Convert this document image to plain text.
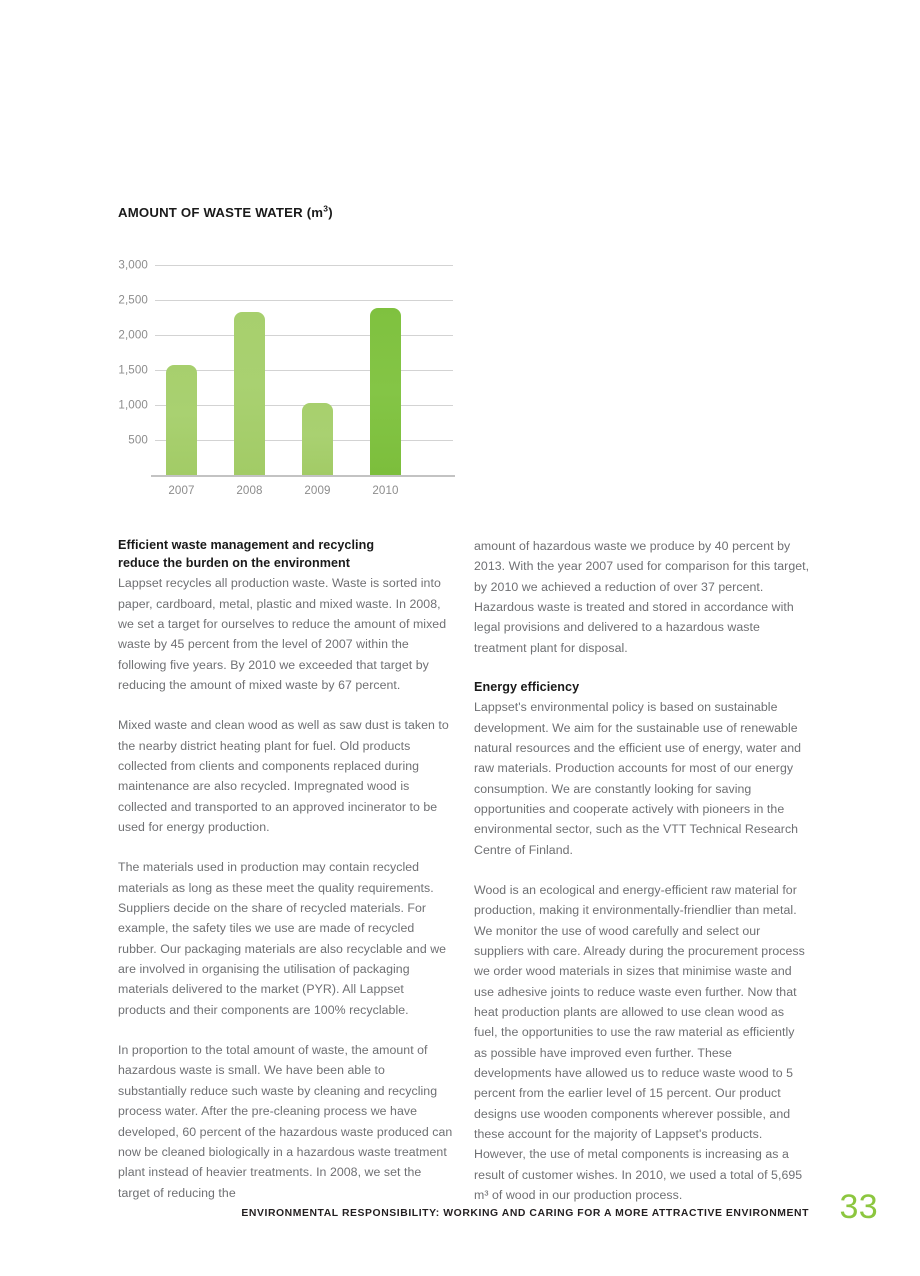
AMOUNT OF WASTE WATER $(m^3)$
3,000
2,500
2,000
1,500
1,000
500
2007	2008	2009	2010
Efficient waste management and recycling
reduce the burden on the environment

Lappset recycles all production waste. Waste is sorted into paper, cardboard, metal, plastic and mixed waste. In 2008, we set a target for ourselves to reduce the amount of mixed waste by 45 percent from the level of 2007 within the following five years. By 2010 we exceeded that target by reducing the amount of mixed waste by 67 percent.

Mixed waste and clean wood as well as saw dust is taken to the nearby district heating plant for fuel. Old products collected from clients and components replaced during maintenance are also recycled. Impregnated wood is collected and transported to an approved incinerator to be used for energy production.

The materials used in production may contain recycled materials as long as these meet the quality requirements. Suppliers decide on the share of recycled materials. For example, the safety tiles we use are made of recycled rubber. Our packaging materials are also recyclable and we are involved in organising the utilisation of packaging materials delivered to the market (PYR). All Lappset products and their components are 100% recyclable.

In proportion to the total amount of waste, the amount of hazardous waste is small. We have been able to substantially reduce such waste by cleaning and recycling process water. After the pre-cleaning process we have developed, 60 percent of the hazardous waste produced can now be cleaned biologically in a hazardous waste treatment plant instead of heavier treatments. In 2008, we set the target of reducing the

amount of hazardous waste we produce by 40 percent by 2013. With the year 2007 used for comparison for this target, by 2010 we achieved a reduction of over 37 percent. Hazardous waste is treated and stored in accordance with legal provisions and delivered to a hazardous waste treatment plant for disposal.

Energy efficiency

Lappset's environmental policy is based on sustainable development. We aim for the sustainable use of renewable natural resources and the efficient use of energy, water and raw materials. Production accounts for most of our energy consumption. We are constantly looking for saving opportunities and cooperate actively with pioneers in the environmental sector, such as the VTT Technical Research Centre of Finland.

Wood is an ecological and energy-efficient raw material for production, making it environmentally-friendlier than metal. We monitor the use of wood carefully and select our suppliers with care. Already during the procurement process we order wood materials in sizes that minimise waste and use adhesive joints to reduce waste even further. Now that heat production plants are allowed to use clean wood as fuel, the opportunities to use the raw material as efficiently as possible have improved even further. These developments have allowed us to reduce waste wood to 5 percent from the earlier level of 15 percent. Our product designs use wooden components wherever possible, and these account for the majority of Lappset's products. However, the use of metal components is increasing as a result of customer wishes. In 2010, we used a total of 5,695 m³ of wood in our production process.

ENVIRONMENTAL RESPONSIBILITY: WORKING AND CARING FOR A MORE ATTRACTIVE ENVIRONMENT 33
